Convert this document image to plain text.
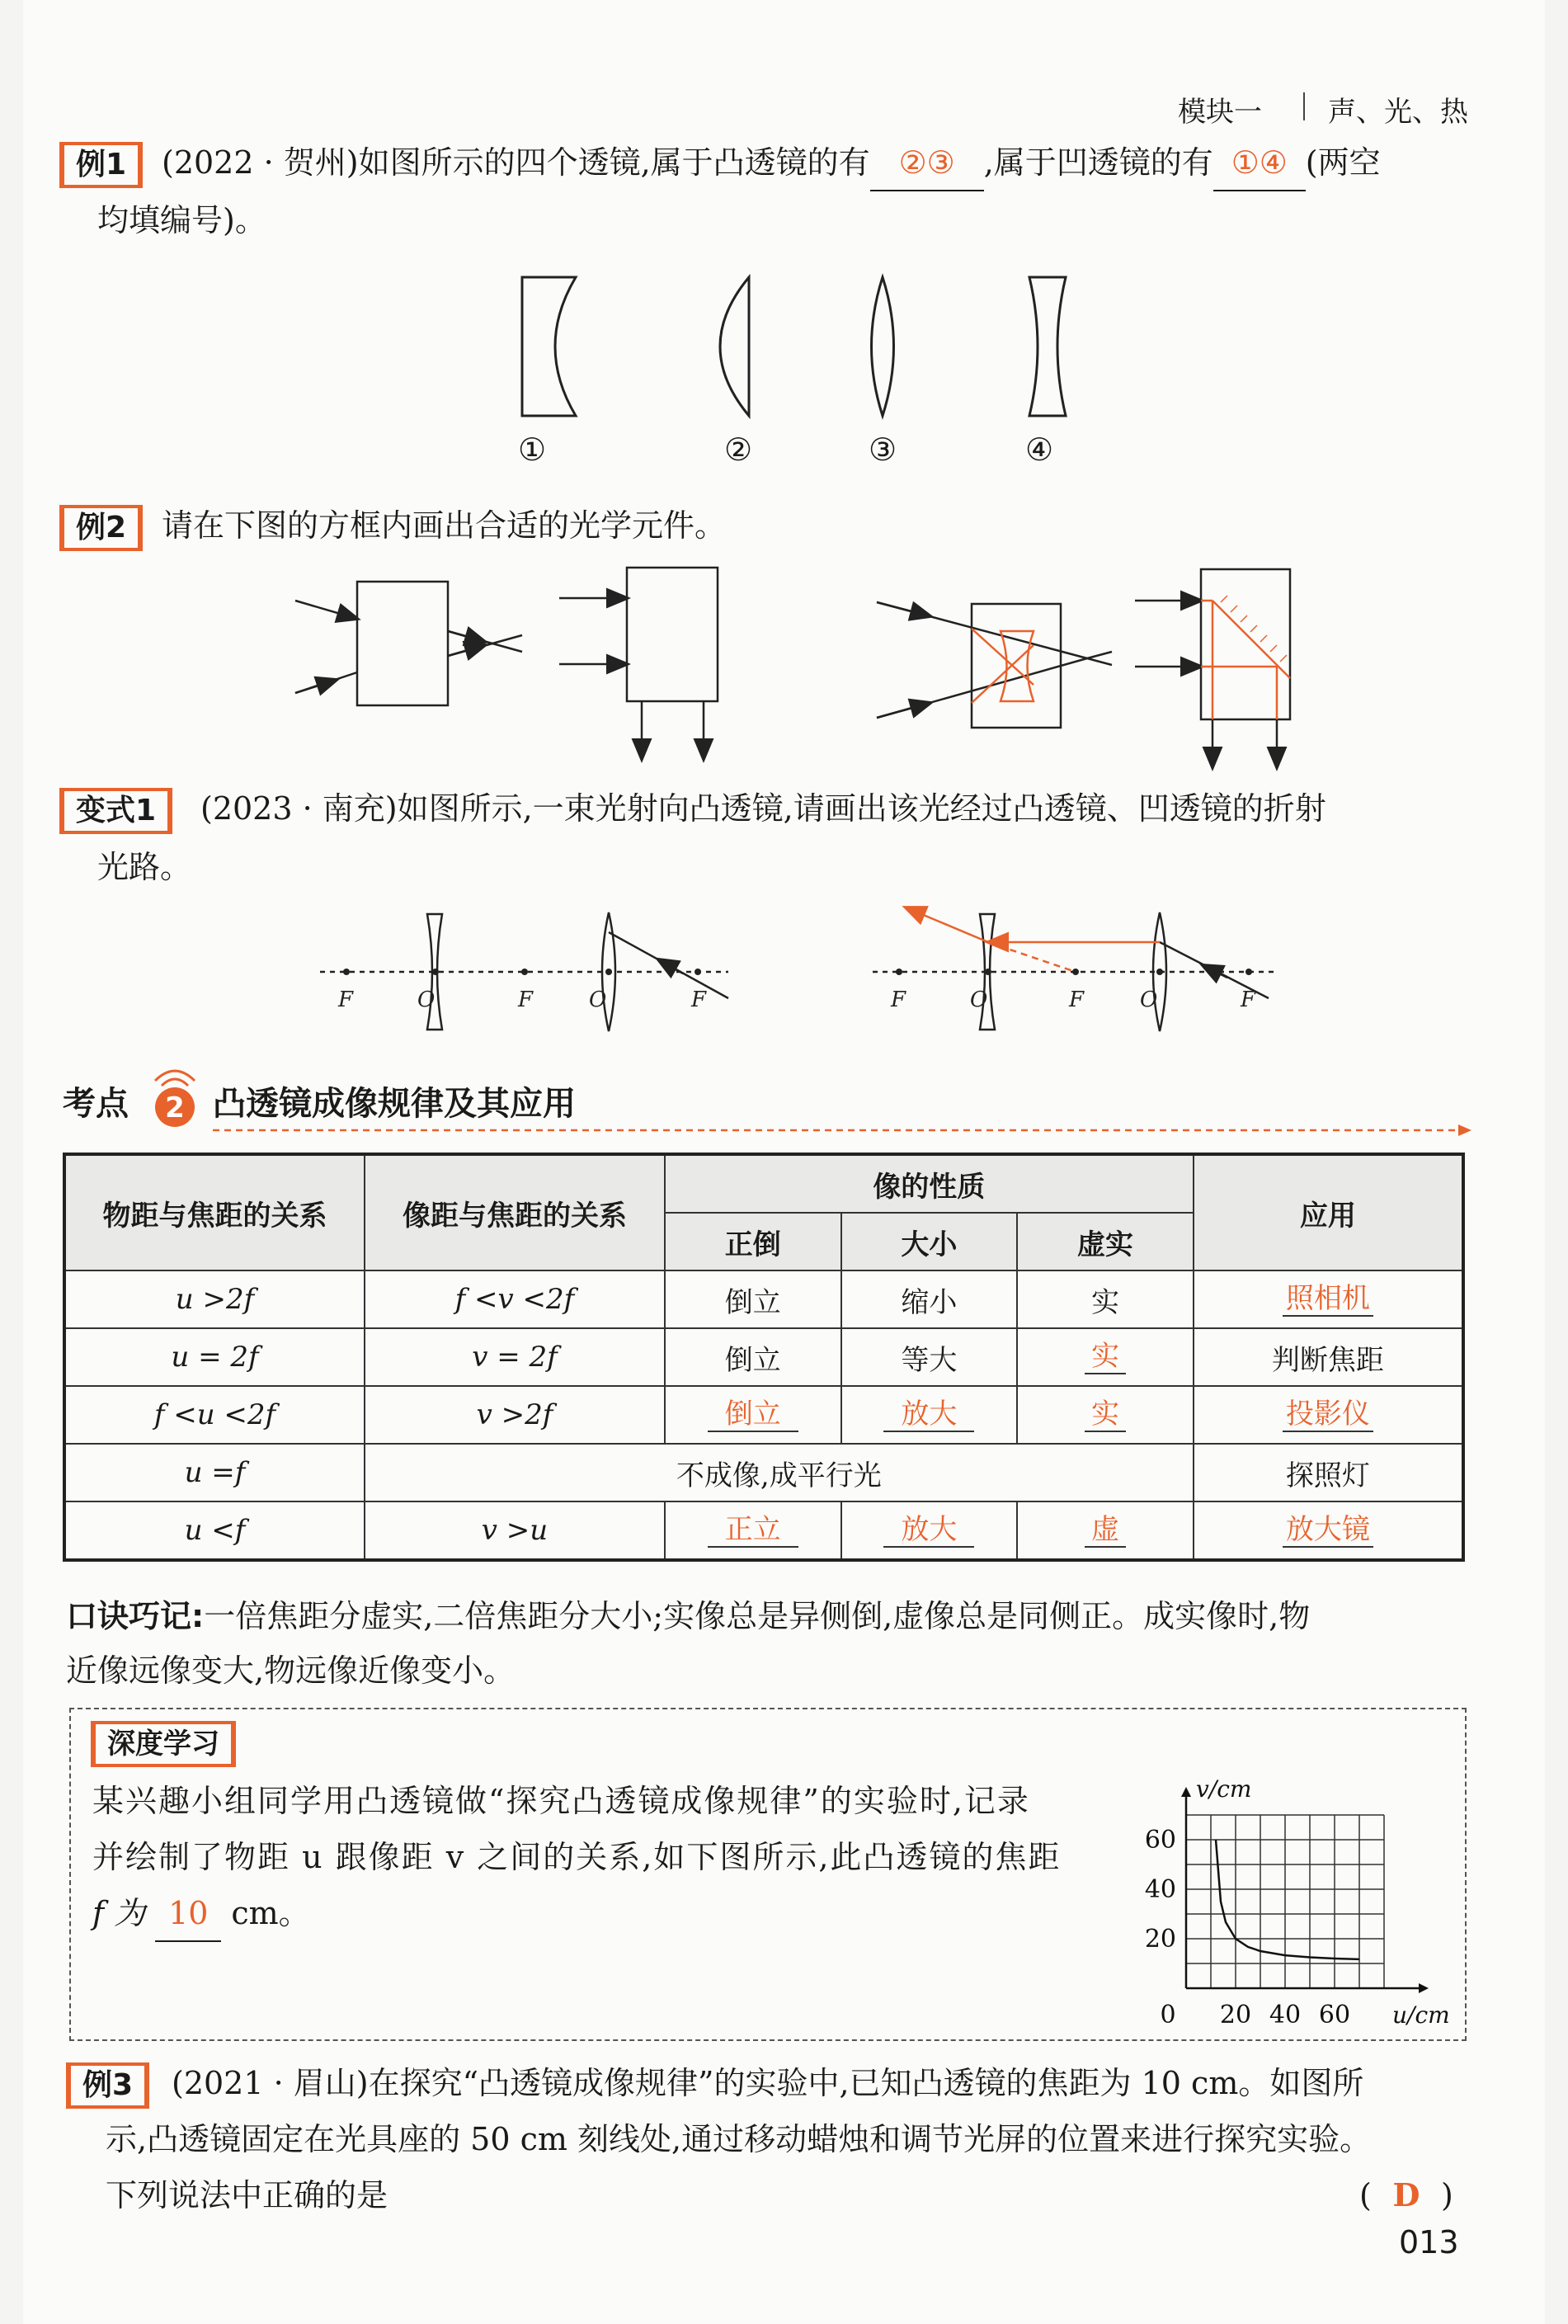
模块一 声、光、热
例1	(2022 · 贺州)如图所示的四个透镜,属于凸透镜的有 ②③ ,属于凹透镜的有 ①④ (两空
均填编号)。
①	②	③	④
例2	请在下图的方框内画出合适的光学元件。
变式1	(2023 · 南充)如图所示,一束光射向凸透镜,请画出该光经过凸透镜、凹透镜的折射
光路。
F	O	F	O	F	F	O	F	O	F
考点 2 凸透镜成像规律及其应用
物距与焦距的关系	像距与焦距的关系	像的性质			应用
		正倒	大小	虚实	
u >2f	f <v <2f	倒立	缩小	实	照相机
u = 2f	v = 2f	倒立	等大	实	判断焦距
f <u <2f	v >2f	倒立	放大	实	投影仪
u =f	不成像,成平行光				探照灯
u <f	v >u	正立	放大	虚	放大镜
口诀巧记:一倍焦距分虚实,二倍焦距分大小;实像总是异侧倒,虚像总是同侧正。成实像时,物
近像远像变大,物远像近像变小。
深度学习
某兴趣小组同学用凸透镜做“探究凸透镜成像规律”的实验时,记录
并绘制了物距 u 跟像距 v 之间的关系,如下图所示,此凸透镜的焦距
f 为 10 cm。
0 20 40 60
20
40
60
u/cm
v/cm
例3	(2021 · 眉山)在探究“凸透镜成像规律”的实验中,已知凸透镜的焦距为 10 cm。如图所
示,凸透镜固定在光具座的 50 cm 刻线处,通过移动蜡烛和调节光屏的位置来进行探究实验。
下列说法中正确的是	( D )
013
